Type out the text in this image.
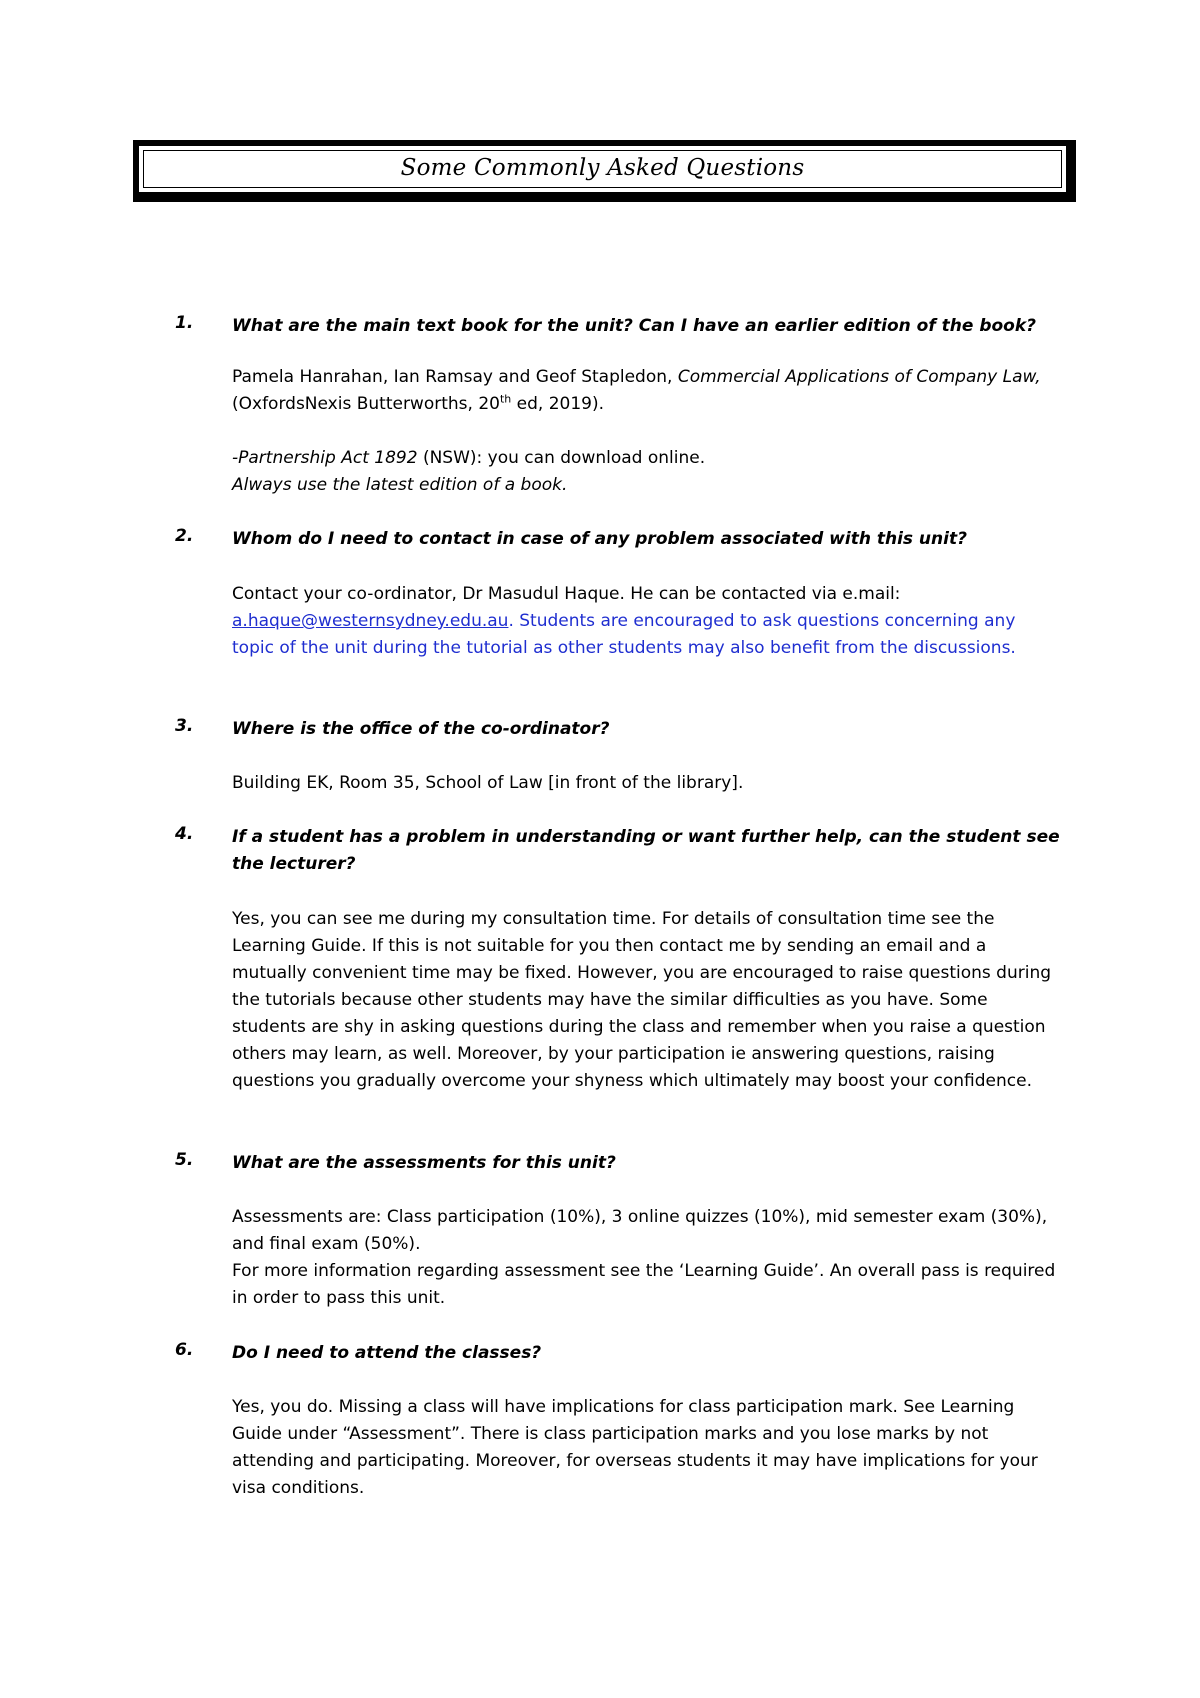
Some Commonly Asked Questions
1. What are the main text book for the unit? Can I have an earlier edition of the book?
Pamela Hanrahan, Ian Ramsay and Geof Stapledon, Commercial Applications of Company Law, (OxfordsNexis Butterworths, 20th ed, 2019).
-Partnership Act 1892 (NSW): you can download online.
Always use the latest edition of a book.
2. Whom do I need to contact in case of any problem associated with this unit?
Contact your co-ordinator, Dr Masudul Haque. He can be contacted via e.mail: a.haque@westernsydney.edu.au. Students are encouraged to ask questions concerning any topic of the unit during the tutorial as other students may also benefit from the discussions.
3. Where is the office of the co-ordinator?
Building EK, Room 35, School of Law [in front of the library].
4. If a student has a problem in understanding or want further help, can the student see the lecturer?
Yes, you can see me during my consultation time. For details of consultation time see the Learning Guide. If this is not suitable for you then contact me by sending an email and a mutually convenient time may be fixed. However, you are encouraged to raise questions during the tutorials because other students may have the similar difficulties as you have. Some students are shy in asking questions during the class and remember when you raise a question others may learn, as well. Moreover, by your participation ie answering questions, raising questions you gradually overcome your shyness which ultimately may boost your confidence.
5. What are the assessments for this unit?

Assessments are: Class participation (10%), 3 online quizzes (10%), mid semester exam (30%), and final exam (50%).

For more information regarding assessment see the ‘Learning Guide’. An overall pass is required in order to pass this unit.

6. Do I need to attend the classes?
Yes, you do. Missing a class will have implications for class participation mark. See Learning Guide under “Assessment”. There is class participation marks and you lose marks by not attending and participating. Moreover, for overseas students it may have implications for your visa conditions.
